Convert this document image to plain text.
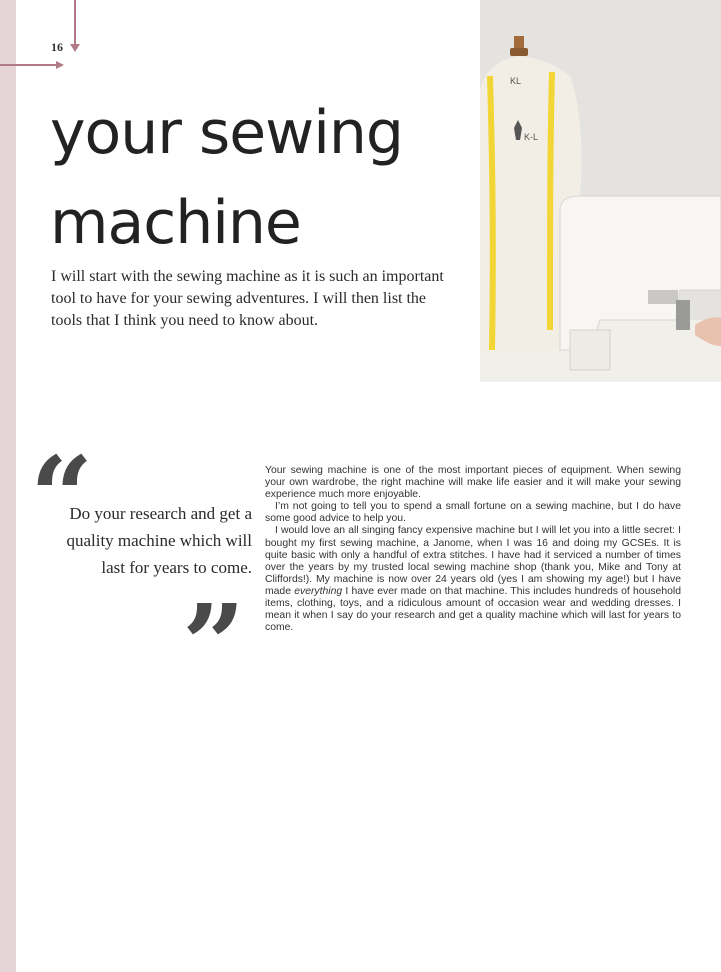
16
your sewing machine

I will start with the sewing machine as it is such an important tool to have for your sewing adventures. I will then list the tools that I think you need to know about.

KL
K-L
“

Do your research and get a quality machine which will last for years to come.

”

Your sewing machine is one of the most important pieces of equipment. When sewing your own wardrobe, the right machine will make life easier and it will make your sewing experience much more enjoyable.

I’m not going to tell you to spend a small fortune on a sewing machine, but I do have some good advice to help you.

I would love an all singing fancy expensive machine but I will let you into a little secret: I bought my first sewing machine, a Janome, when I was 16 and doing my GCSEs. It is quite basic with only a handful of extra stitches. I have had it serviced a number of times over the years by my trusted local sewing machine shop (thank you, Mike and Tony at Cliffords!). My machine is now over 24 years old (yes I am showing my age!) but I have made everything I have ever made on that machine. This includes hundreds of household items, clothing, toys, and a ridiculous amount of occasion wear and wedding dresses. I mean it when I say do your research and get a quality machine which will last for years to come.
